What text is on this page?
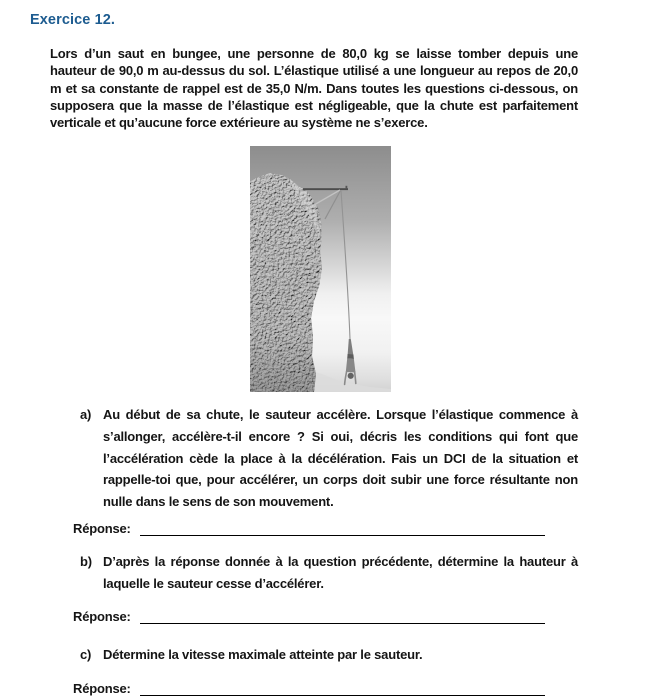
Exercice 12.
Lors d’un saut en bungee, une personne de 80,0 kg se laisse tomber depuis une hauteur de 90,0 m au-dessus du sol. L’élastique utilisé a une longueur au repos de 20,0 m et sa constante de rappel est de 35,0 N/m. Dans toutes les questions ci-dessous, on supposera que la masse de l’élastique est négligeable, que la chute est parfaitement verticale et qu’aucune force extérieure au système ne s’exerce.
a) Au début de sa chute, le sauteur accélère. Lorsque l’élastique commence à s’allonger, accélère-t-il encore ? Si oui, décris les conditions qui font que l’accélération cède la place à la décélération. Fais un DCI de la situation et rappelle-toi que, pour accélérer, un corps doit subir une force résultante non nulle dans le sens de son mouvement.
Réponse:
b) D’après la réponse donnée à la question précédente, détermine la hauteur à laquelle le sauteur cesse d’accélérer.
Réponse:
c) Détermine la vitesse maximale atteinte par le sauteur.
Réponse:
